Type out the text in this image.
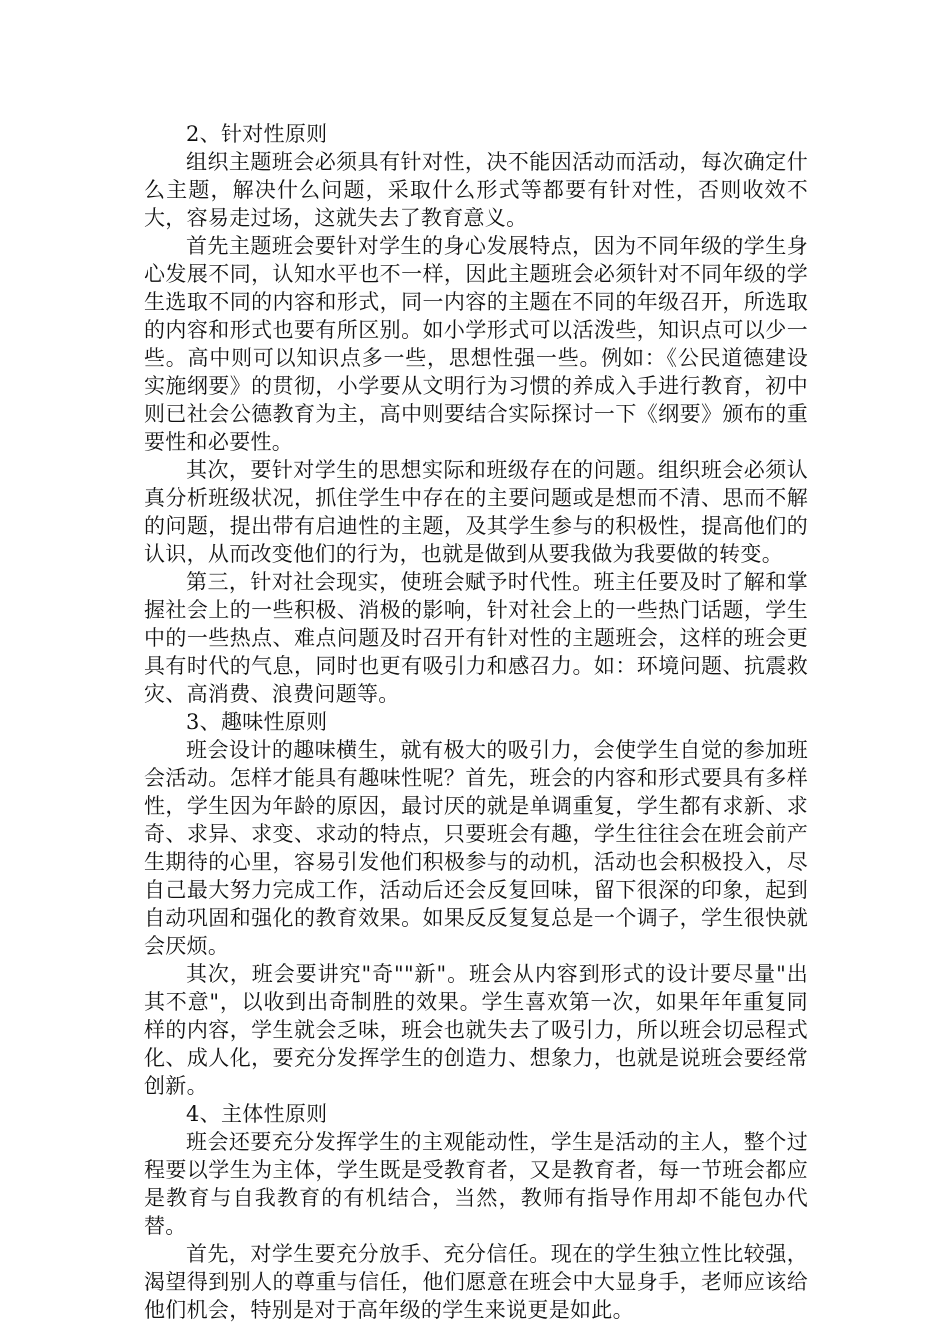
2、针对性原则

组织主题班会必须具有针对性，决不能因活动而活动，每次确定什么主题，解决什么问题，采取什么形式等都要有针对性，否则收效不大，容易走过场，这就失去了教育意义。

首先主题班会要针对学生的身心发展特点，因为不同年级的学生身心发展不同，认知水平也不一样，因此主题班会必须针对不同年级的学生选取不同的内容和形式，同一内容的主题在不同的年级召开，所选取的内容和形式也要有所区别。如小学形式可以活泼些，知识点可以少一些。高中则可以知识点多一些，思想性强一些。例如：《公民道德建设实施纲要》的贯彻，小学要从文明行为习惯的养成入手进行教育，初中则已社会公德教育为主，高中则要结合实际探讨一下《纲要》颁布的重要性和必要性。

其次，要针对学生的思想实际和班级存在的问题。组织班会必须认真分析班级状况，抓住学生中存在的主要问题或是想而不清、思而不解的问题，提出带有启迪性的主题，及其学生参与的积极性，提高他们的认识，从而改变他们的行为，也就是做到从要我做为我要做的转变。

第三，针对社会现实，使班会赋予时代性。班主任要及时了解和掌握社会上的一些积极、消极的影响，针对社会上的一些热门话题，学生中的一些热点、难点问题及时召开有针对性的主题班会，这样的班会更具有时代的气息，同时也更有吸引力和感召力。如：环境问题、抗震救灾、高消费、浪费问题等。

3、趣味性原则

班会设计的趣味横生，就有极大的吸引力，会使学生自觉的参加班会活动。怎样才能具有趣味性呢？首先，班会的内容和形式要具有多样性，学生因为年龄的原因，最讨厌的就是单调重复，学生都有求新、求奇、求异、求变、求动的特点，只要班会有趣，学生往往会在班会前产生期待的心里，容易引发他们积极参与的动机，活动也会积极投入，尽自己最大努力完成工作，活动后还会反复回味，留下很深的印象，起到自动巩固和强化的教育效果。如果反反复复总是一个调子，学生很快就会厌烦。

其次，班会要讲究"奇""新"。班会从内容到形式的设计要尽量"出其不意"，以收到出奇制胜的效果。学生喜欢第一次，如果年年重复同样的内容，学生就会乏味，班会也就失去了吸引力，所以班会切忌程式化、成人化，要充分发挥学生的创造力、想象力，也就是说班会要经常创新。

4、主体性原则

班会还要充分发挥学生的主观能动性，学生是活动的主人，整个过程要以学生为主体，学生既是受教育者，又是教育者，每一节班会都应是教育与自我教育的有机结合，当然，教师有指导作用却不能包办代替。

首先，对学生要充分放手、充分信任。现在的学生独立性比较强，渴望得到别人的尊重与信任，他们愿意在班会中大显身手，老师应该给他们机会，特别是对于高年级的学生来说更是如此。
